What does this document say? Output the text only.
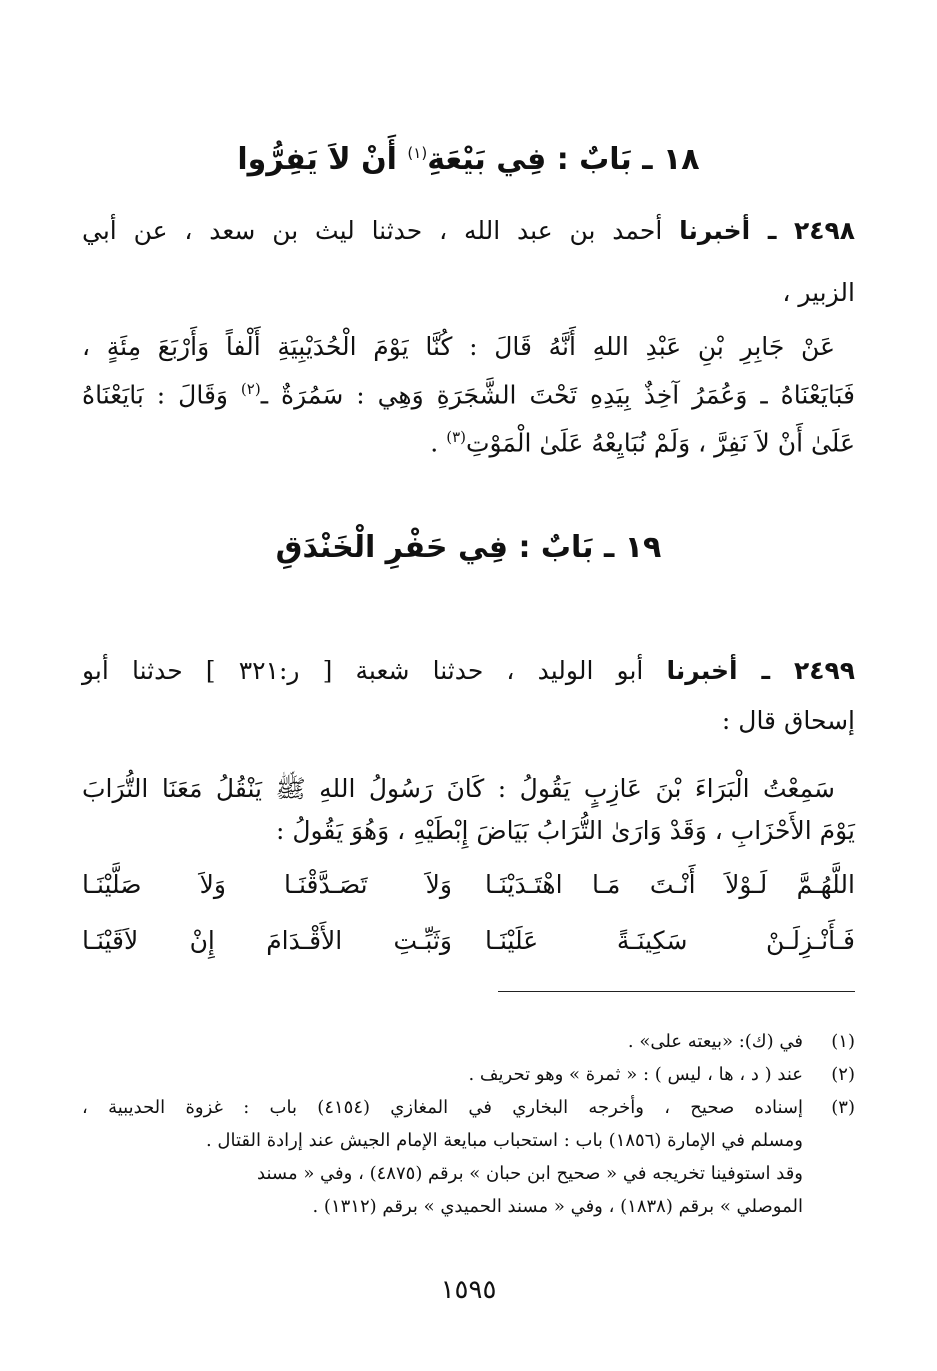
١٨ ـ بَابٌ : فِي بَيْعَةِ$^{(١)}$ أَنْ لاَ يَفِرُّوا
٢٤٩٨ ـ أخبرنا أحمد بن عبد الله ، حدثنا ليث بن سعد ، عن أبي
الزبير ،
عَنْ جَابِرِ بْنِ عَبْدِ اللهِ أَنَّهُ قَالَ : كُنَّا يَوْمَ الْحُدَيْبِيَةِ أَلْفاً وَأَرْبَعَ مِئَةٍ ،
فَبَايَعْنَاهُ ـ وَعُمَرُ آخِذٌ بِيَدِهِ تَحْتَ الشَّجَرَةِ وَهِي : سَمُرَةٌ ـ$^{(٢)}$ وَقَالَ : بَايَعْنَاهُ
عَلَىٰ أَنْ لاَ نَفِرَّ ، وَلَمْ نُبَايِعْهُ عَلَىٰ الْمَوْتِ$^{(٣)}$ .
١٩ ـ بَابٌ : فِي حَفْرِ الْخَنْدَقِ
٢٤٩٩ ـ أخبرنا أبو الوليد ، حدثنا شعبة [ ر:٣٢١ ] حدثنا أبو
إسحاق قال :
سَمِعْتُ الْبَرَاءَ بْنَ عَازِبٍ يَقُولُ : كَانَ رَسُولُ اللهِ ﷺ يَنْقُلُ مَعَنَا التُّرَابَ
يَوْمَ الأَحْزَابِ ، وَقَدْ وَارَىٰ التُّرَابُ بَيَاضَ إِبْطَيْهِ ، وَهُوَ يَقُولُ :
اللَّهُـمَّ لَـوْلاَ أَنْـتَ مَـا اهْتَـدَيْنَـا
وَلاَ تَصَـدَّقْنَـا وَلاَ صَلَّيْنَـا
فَـأَنْـزِلَـنْ سَكِينَـةً عَلَيْنَـا
وَثَبِّـتِ الأَقْـدَامَ إِنْ لاَقَيْنَـا
(١)
في (ك): «بيعته على» .
(٢)
عند ( د ، ها ، ليس ) : « ثمرة » وهو تحريف .
(٣)
إسناده صحيح ، وأخرجه البخاري في المغازي (٤١٥٤) باب : غزوة الحديبية ،
ومسلم في الإمارة (١٨٥٦) باب : استحباب مبايعة الإمام الجيش عند إرادة القتال .
وقد استوفينا تخريجه في « صحيح ابن حبان » برقم (٤٨٧٥) ، وفي « مسند
الموصلي » برقم (١٨٣٨) ، وفي « مسند الحميدي » برقم (١٣١٢) .
١٥٩٥
